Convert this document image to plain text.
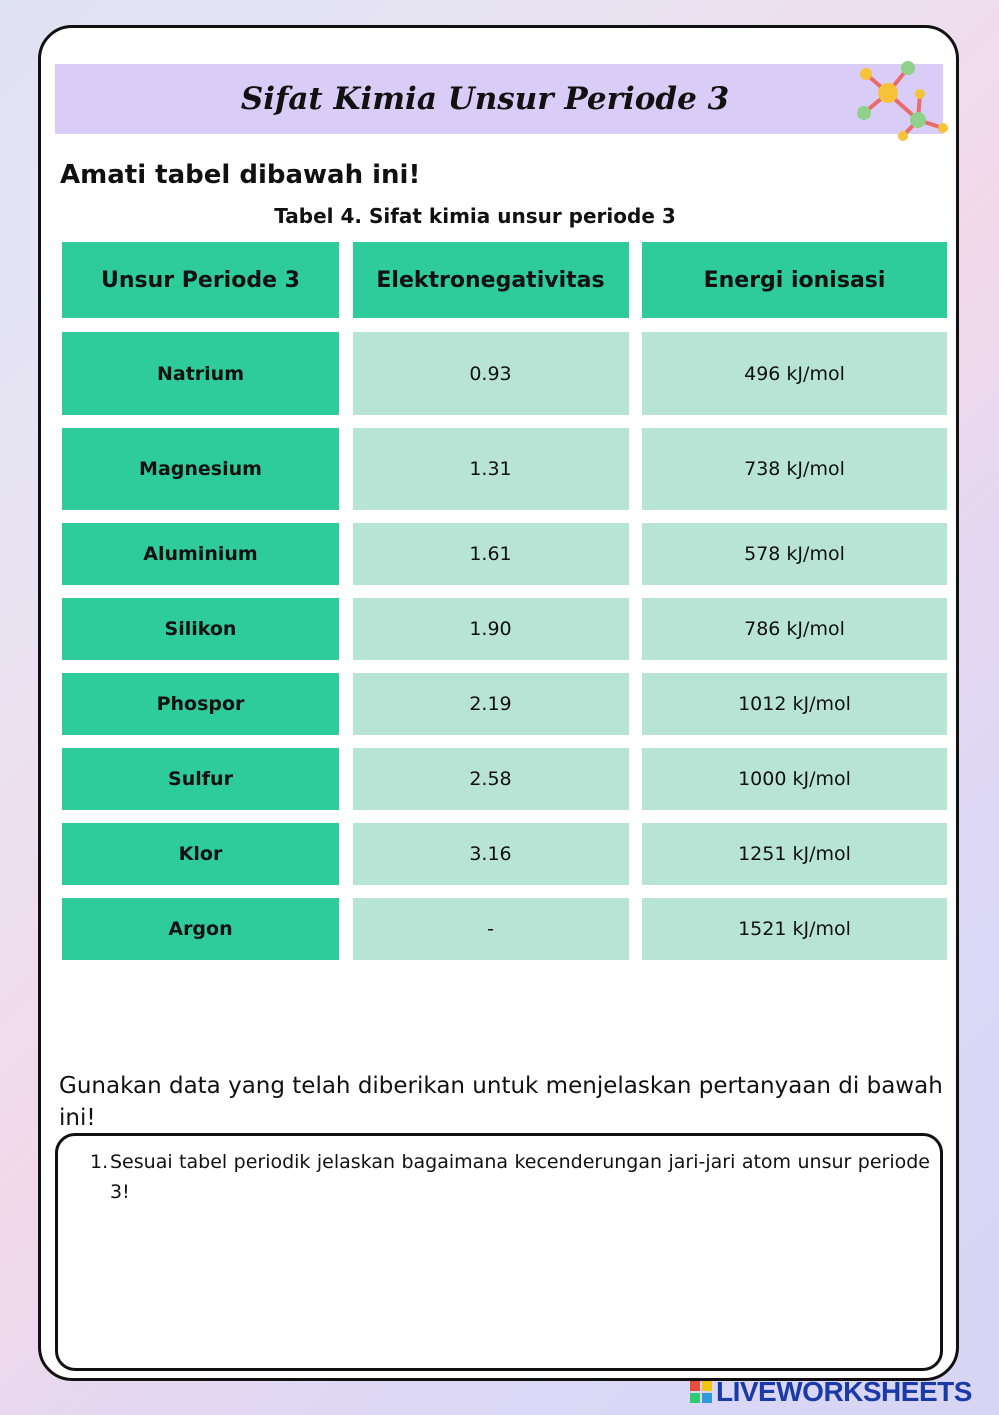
Sifat Kimia Unsur Periode 3
Amati tabel dibawah ini!
Tabel 4. Sifat kimia unsur periode 3
Unsur Periode 3	Elektronegativitas	Energi ionisasi
Natrium	0.93	496 kJ/mol
Magnesium	1.31	738 kJ/mol
Aluminium	1.61	578 kJ/mol
Silikon	1.90	786 kJ/mol
Phospor	2.19	1012 kJ/mol
Sulfur	2.58	1000 kJ/mol
Klor	3.16	1251 kJ/mol
Argon	-	1521 kJ/mol
Gunakan data yang telah diberikan untuk menjelaskan pertanyaan di bawah ini!
1. Sesuai tabel periodik jelaskan bagaimana kecenderungan jari-jari atom unsur periode 3!
LIVEWORKSHEETS
